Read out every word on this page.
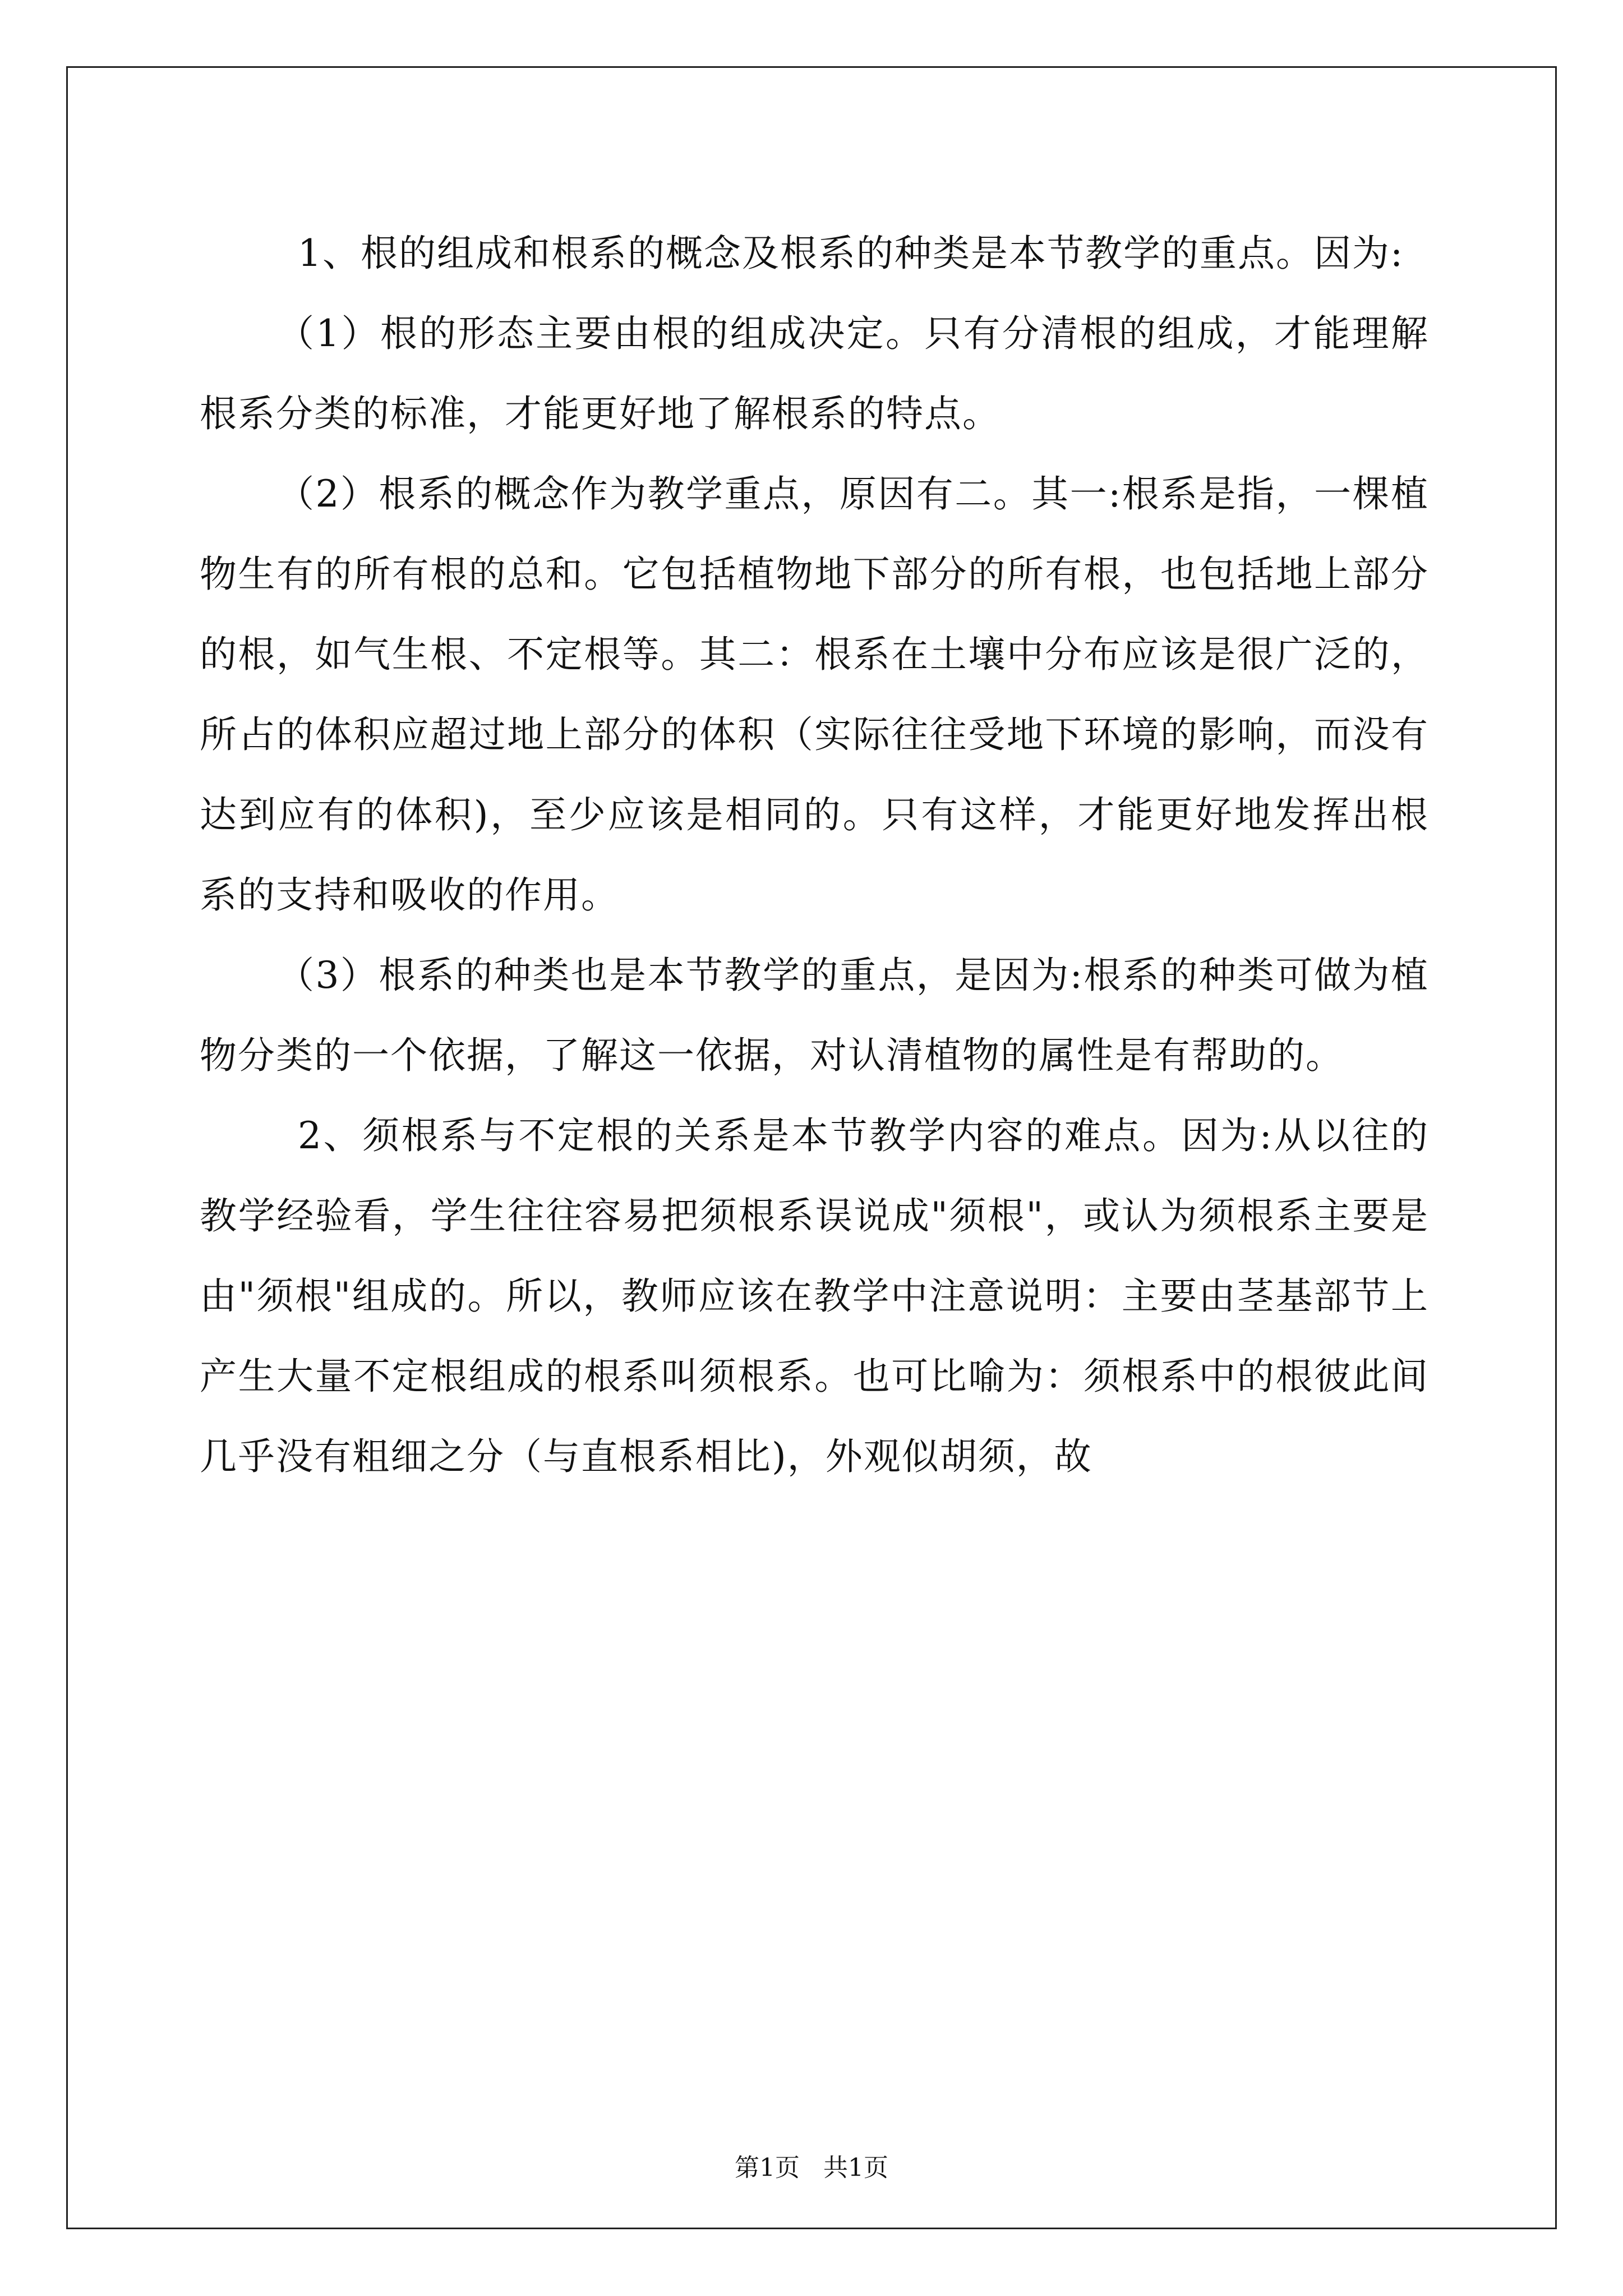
1、根的组成和根系的概念及根系的种类是本节教学的重点。因为:

（1）根的形态主要由根的组成决定。只有分清根的组成，才能理解根系分类的标准，才能更好地了解根系的特点。

（2）根系的概念作为教学重点，原因有二。其一:根系是指，一棵植物生有的所有根的总和。它包括植物地下部分的所有根，也包括地上部分的根，如气生根、不定根等。其二：根系在土壤中分布应该是很广泛的，所占的体积应超过地上部分的体积（实际往往受地下环境的影响，而没有达到应有的体积)，至少应该是相同的。只有这样，才能更好地发挥出根系的支持和吸收的作用。

（3）根系的种类也是本节教学的重点，是因为:根系的种类可做为植物分类的一个依据，了解这一依据，对认清植物的属性是有帮助的。

2、须根系与不定根的关系是本节教学内容的难点。因为:从以往的教学经验看，学生往往容易把须根系误说成"须根"，或认为须根系主要是由"须根"组成的。所以，教师应该在教学中注意说明：主要由茎基部节上产生大量不定根组成的根系叫须根系。也可比喻为：须根系中的根彼此间几乎没有粗细之分（与直根系相比)，外观似胡须，故

第1页   共1页
